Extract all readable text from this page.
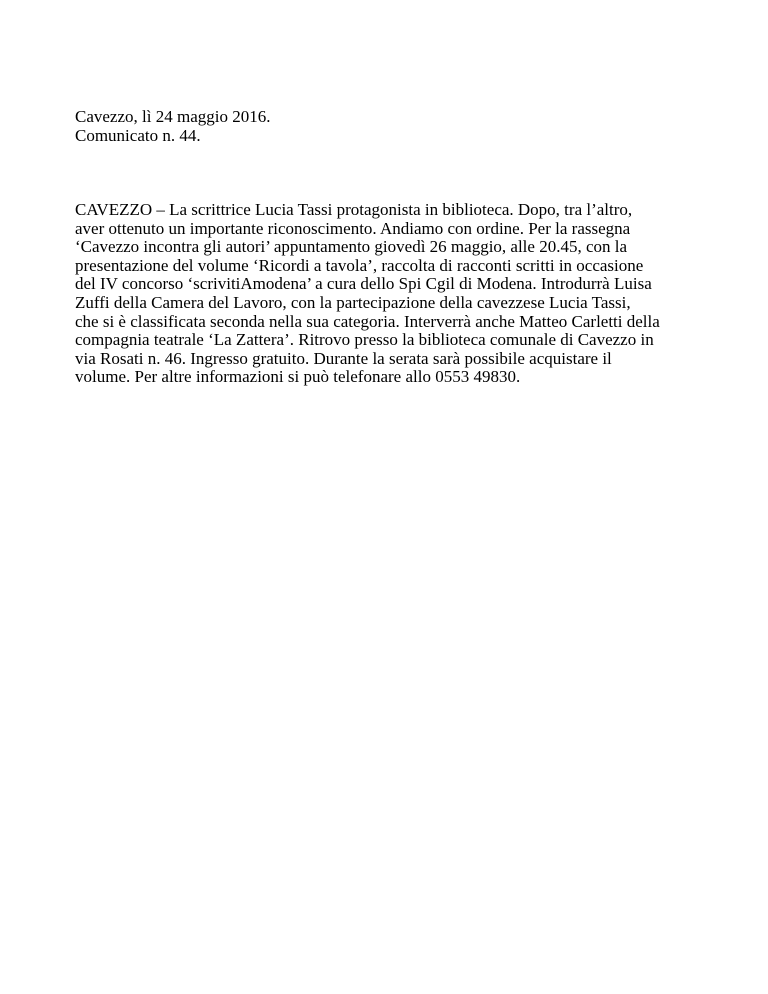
Cavezzo, lì 24 maggio 2016.
Comunicato n. 44.
CAVEZZO – La scrittrice Lucia Tassi protagonista in biblioteca. Dopo, tra l’altro,
aver ottenuto un importante riconoscimento. Andiamo con ordine. Per la rassegna
‘Cavezzo incontra gli autori’ appuntamento giovedì 26 maggio, alle 20.45, con la
presentazione del volume ‘Ricordi a tavola’, raccolta di racconti scritti in occasione
del IV concorso ‘scrivitiAmodena’ a cura dello Spi Cgil di Modena. Introdurrà Luisa
Zuffi della Camera del Lavoro, con la partecipazione della cavezzese Lucia Tassi,
che si è classificata seconda nella sua categoria. Interverrà anche Matteo Carletti della
compagnia teatrale ‘La Zattera’. Ritrovo presso la biblioteca comunale di Cavezzo in
via Rosati n. 46. Ingresso gratuito. Durante la serata sarà possibile acquistare il
volume. Per altre informazioni si può telefonare allo 0553 49830.
